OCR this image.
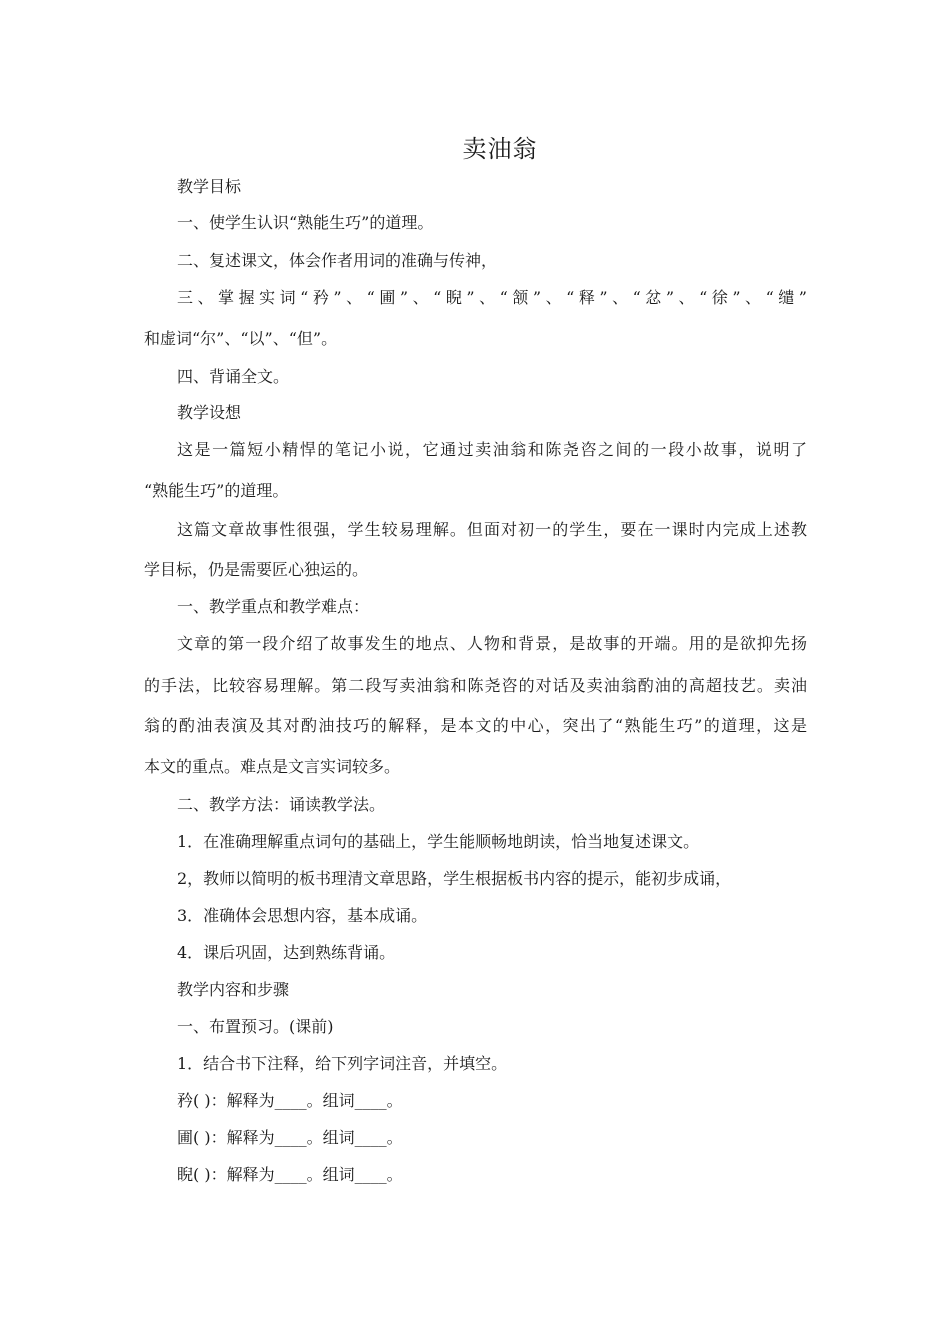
卖油翁
教学目标
一、使学生认识“熟能生巧”的道理。
二、复述课文，体会作者用词的准确与传神，
三、掌握实词“矜”、“圃”、“睨”、“颔”、“释”、“忿”、“徐”、“缱”
和虚词“尔”、“以”、“但”。
四、背诵全文。
教学设想
这是一篇短小精悍的笔记小说，它通过卖油翁和陈尧咨之间的一段小故事，说明了
“熟能生巧”的道理。
这篇文章故事性很强，学生较易理解。但面对初一的学生，要在一课时内完成上述教
学目标，仍是需要匠心独运的。
一、教学重点和教学难点：
文章的第一段介绍了故事发生的地点、人物和背景，是故事的开端。用的是欲抑先扬
的手法，比较容易理解。第二段写卖油翁和陈尧咨的对话及卖油翁酌油的高超技艺。卖油
翁的酌油表演及其对酌油技巧的解释，是本文的中心，突出了“熟能生巧”的道理，这是
本文的重点。难点是文言实词较多。
二、教学方法：诵读教学法。
1．在准确理解重点词句的基础上，学生能顺畅地朗读，恰当地复述课文。
2，教师以简明的板书理清文章思路，学生根据板书内容的提示，能初步成诵，
3．准确体会思想内容，基本成诵。
4．课后巩固，达到熟练背诵。
教学内容和步骤
一、布置预习。(课前)
1．结合书下注释，给下列字词注音，并填空。
矜( )：解释为____。组词____。
圃( )：解释为____。组词____。
睨( )：解释为____。组词____。
